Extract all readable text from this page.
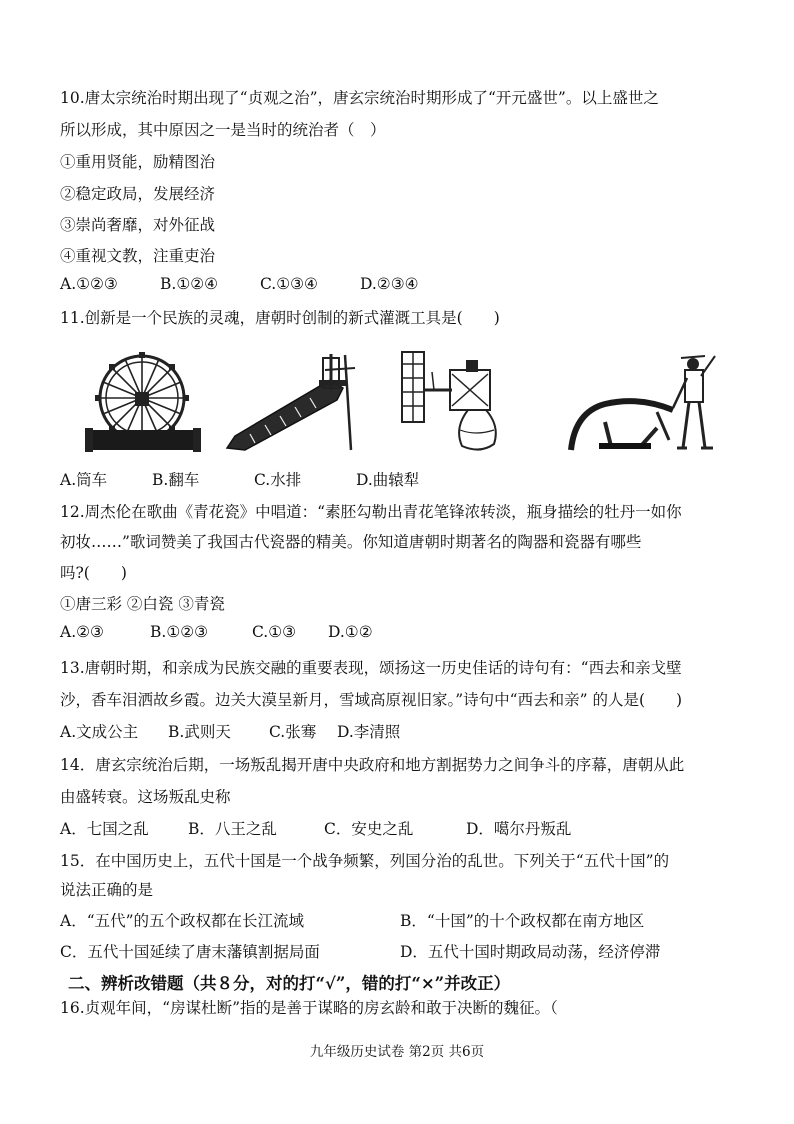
10.唐太宗统治时期出现了“贞观之治”，唐玄宗统治时期形成了“开元盛世”。以上盛世之
所以形成，其中原因之一是当时的统治者（　）
①重用贤能，励精图治
②稳定政局，发展经济
③崇尚奢靡，对外征战
④重视文教，注重吏治
A.①②③	B.①②④	C.①③④	D.②③④
11.创新是一个民族的灵魂，唐朝时创制的新式灌溉工具是(　　)
A.筒车	B.翻车	C.水排	D.曲辕犁
12.周杰伦在歌曲《青花瓷》中唱道：“素胚勾勒出青花笔锋浓转淡，瓶身描绘的牡丹一如你
初妆……”歌词赞美了我国古代瓷器的精美。你知道唐朝时期著名的陶器和瓷器有哪些
吗?(　　)
①唐三彩 ②白瓷 ③青瓷
A.②③	B.①②③	C.①③ D.①②
13.唐朝时期，和亲成为民族交融的重要表现，颂扬这一历史佳话的诗句有：“西去和亲戈壁
沙，香车泪洒故乡霞。边关大漠呈新月，雪域高原视旧家。”诗句中“西去和亲” 的人是(　　)
A.文成公主 B.武则天 C.张骞 D.李清照
14．唐玄宗统治后期，一场叛乱揭开唐中央政府和地方割据势力之间争斗的序幕，唐朝从此
由盛转衰。这场叛乱史称
A．七国之乱	B．八王之乱	C．安史之乱	D．噶尔丹叛乱
15．在中国历史上，五代十国是一个战争频繁，列国分治的乱世。下列关于“五代十国”的
说法正确的是
A．“五代”的五个政权都在长江流域	B．“十国”的十个政权都在南方地区
C．五代十国延续了唐末藩镇割据局面	D．五代十国时期政局动荡，经济停滞
二、辨析改错题（共８分，对的打“√”，错的打“×”并改正）
16.贞观年间，“房谋杜断”指的是善于谋略的房玄龄和敢于决断的魏征。（
九年级历史试卷 第2页 共6页
